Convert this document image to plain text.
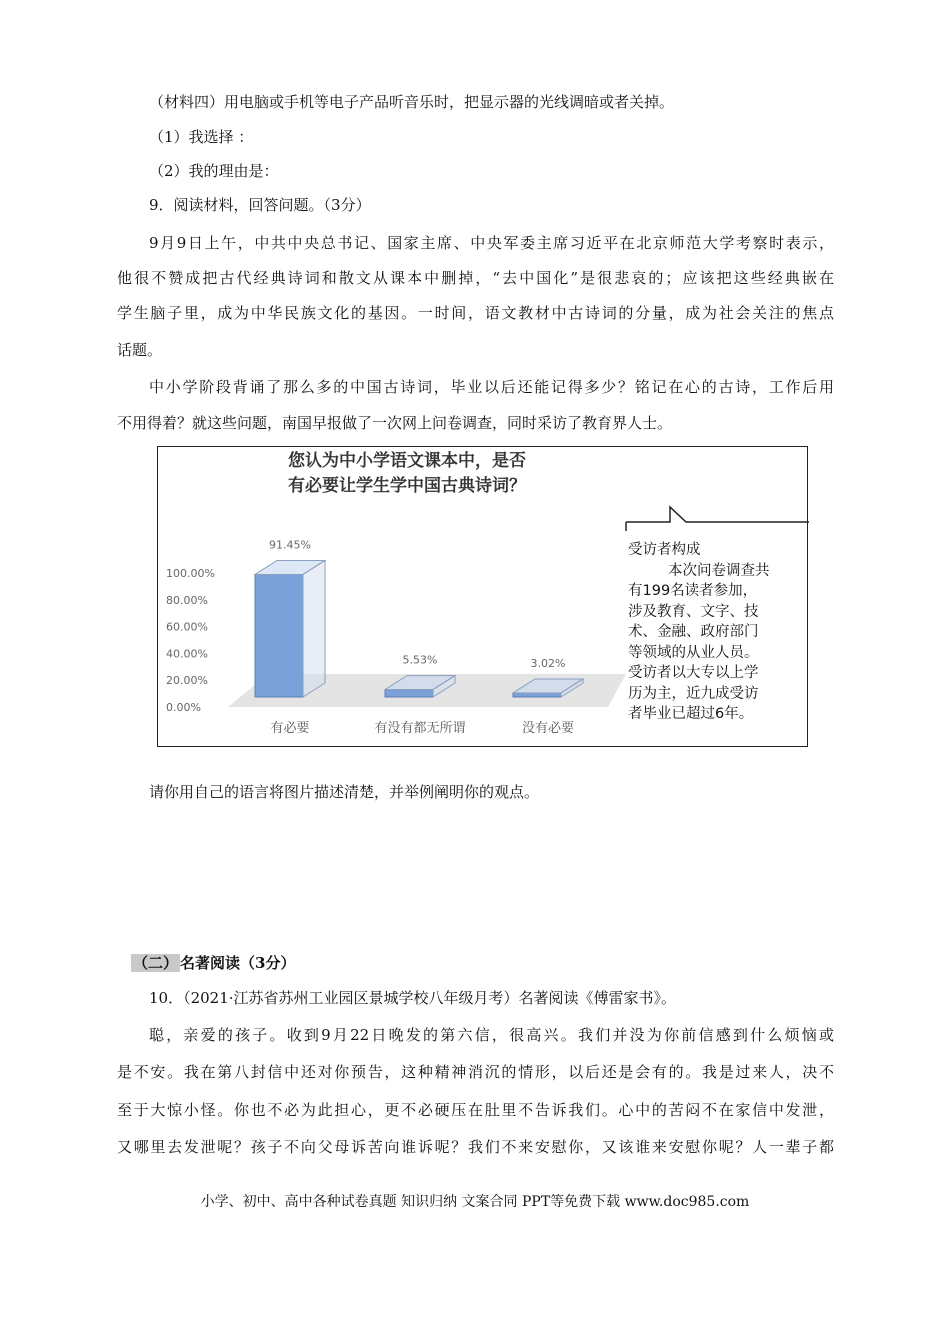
（材料四）用电脑或手机等电子产品听音乐时，把显示器的光线调暗或者关掉。
（1）我选择 ：
（2）我的理由是：
9．阅读材料，回答问题。（3分）
9月9日上午，中共中央总书记、国家主席、中央军委主席习近平在北京师范大学考察时表示，
他很不赞成把古代经典诗词和散文从课本中删掉，“去中国化”是很悲哀的；应该把这些经典嵌在
学生脑子里，成为中华民族文化的基因。一时间，语文教材中古诗词的分量，成为社会关注的焦点
话题。
中小学阶段背诵了那么多的中国古诗词，毕业以后还能记得多少？铭记在心的古诗，工作后用
不用得着？就这些问题，南国早报做了一次网上问卷调查，同时采访了教育界人士。
您认为中小学语文课本中，是否
有必要让学生学中国古典诗词？
100.00%
80.00%
60.00%
40.00%
20.00%
0.00%
91.45%
有必要
5.53%
有没有都无所谓
3.02%
没有必要
受访者构成
本次问卷调查共
有199名读者参加，
涉及教育、文字、技
术、金融、政府部门
等领域的从业人员。
受访者以大专以上学
历为主，近九成受访
者毕业已超过6年。
请你用自己的语言将图片描述清楚，并举例阐明你的观点。
（二） 名著阅读（3分）
10．（2021·江苏省苏州工业园区景城学校八年级月考）名著阅读《傅雷家书》。
聪，亲爱的孩子。收到9月22日晚发的第六信，很高兴。我们并没为你前信感到什么烦恼或
是不安。我在第八封信中还对你预告，这种精神消沉的情形，以后还是会有的。我是过来人，决不
至于大惊小怪。你也不必为此担心，更不必硬压在肚里不告诉我们。心中的苦闷不在家信中发泄，
又哪里去发泄呢？孩子不向父母诉苦向谁诉呢？我们不来安慰你，又该谁来安慰你呢？人一辈子都
小学、初中、高中各种试卷真题 知识归纳 文案合同 PPT等免费下载 www.doc985.com
